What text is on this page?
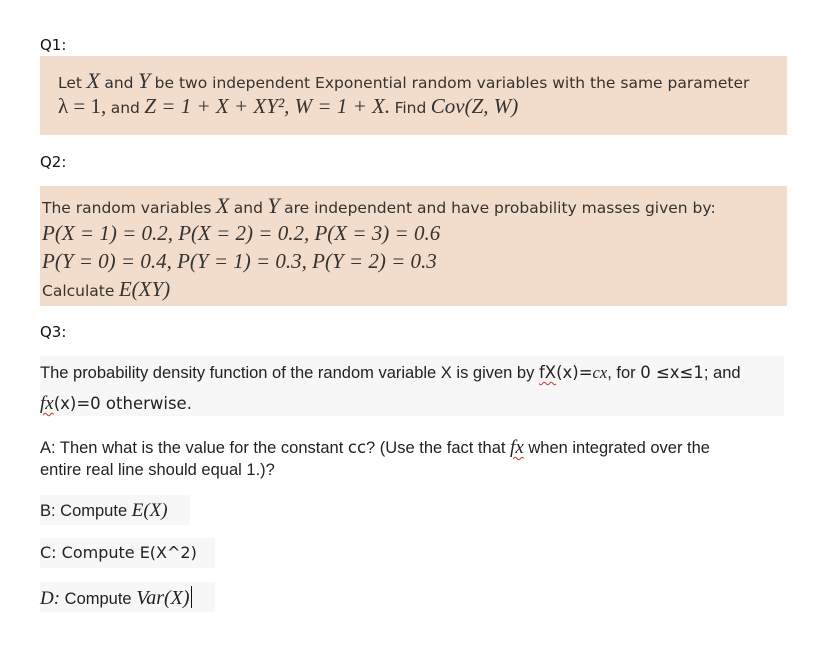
Q1:
Let X and Y be two independent Exponential random variables with the same parameter
λ = 1, and Z = 1 + X + XY², W = 1 + X. Find Cov(Z, W)
Q2:
The random variables X and Y are independent and have probability masses given by:
P(X = 1) = 0.2, P(X = 2) = 0.2, P(X = 3) = 0.6
P(Y = 0) = 0.4, P(Y = 1) = 0.3, P(Y = 2) = 0.3
Calculate E(XY)
Q3:
The probability density function of the random variable X is given by fX(x)=cx, for 0 ≤x≤1; and
fx(x)=0 otherwise.
A: Then what is the value for the constant cc? (Use the fact that fx when integrated over the
entire real line should equal 1.)?
B: Compute E(X)
C: Compute E(X^2)
D: Compute Var(X)
